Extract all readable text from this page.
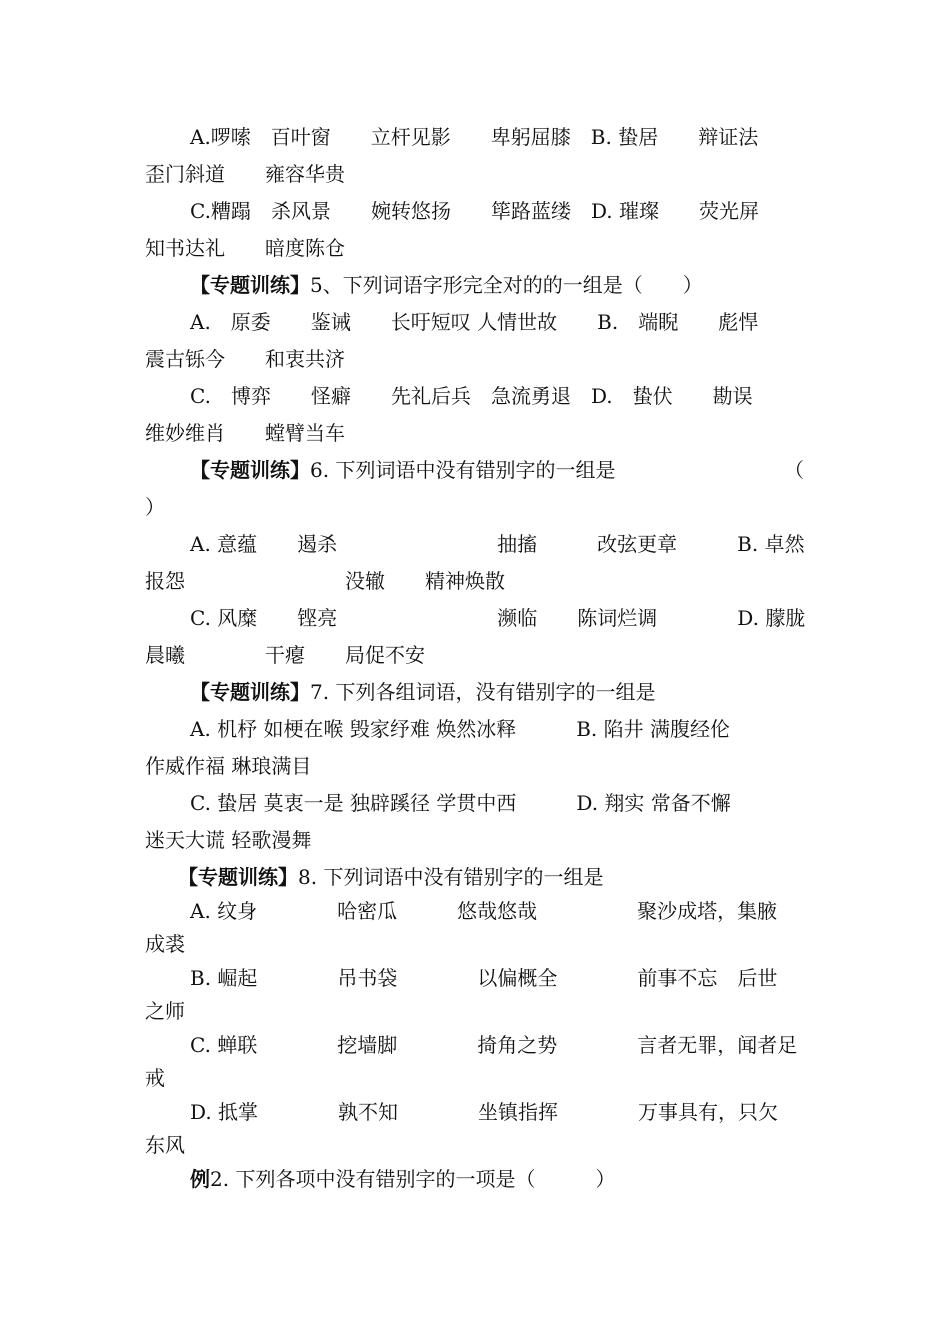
A.啰嗦　百叶窗　　立杆见影　　卑躬屈膝　B. 蛰居　　辩证法
歪门斜道　　雍容华贵
C.糟蹋　杀风景　　婉转悠扬　　筚路蓝缕　D. 璀璨　　荧光屏
知书达礼　　暗度陈仓
【专题训练】5、下列词语字形完全对的的一组是（　　）
A.　原委　　鉴诫　　长吁短叹 人情世故　　B.　端睨　　彪悍
震古铄今　　和衷共济
C.　博弈　　怪癖　　先礼后兵　急流勇退　D.　蛰伏　　勘误
维妙维肖　　螳臂当车
【专题训练】6. 下列词语中没有错别字的一组是	（
）
A. 意蕴　　遏杀　　　　　　　　抽搐　　　改弦更章　　　B. 卓然
报怨　　　　　　　　没辙　　精神焕散
C. 风糜　　铿亮　　　　　　　　濒临　　陈词烂调　　　　D. 朦胧
晨曦　　　　干瘪　　局促不安
【专题训练】7. 下列各组词语，没有错别字的一组是
A. 机杼 如梗在喉 毁家纾难 焕然冰释　　　B. 陷井 满腹经伦
作威作福 琳琅满目
C. 蛰居 莫衷一是 独辟蹊径 学贯中西　　　D. 翔实 常备不懈
迷天大谎 轻歌漫舞
【专题训练】8. 下列词语中没有错别字的一组是
A. 纹身　　　　哈密瓜　　　悠哉悠哉　　　　　聚沙成塔，集腋
成裘
B. 崛起　　　　吊书袋　　　　以偏概全　　　　前事不忘　后世
之师
C. 蝉联　　　　挖墙脚　　　　掎角之势　　　　言者无罪，闻者足
戒
D. 抵掌　　　　孰不知　　　　坐镇指挥　　　　万事具有，只欠
东风
例2. 下列各项中没有错别字的一项是（　　　）
